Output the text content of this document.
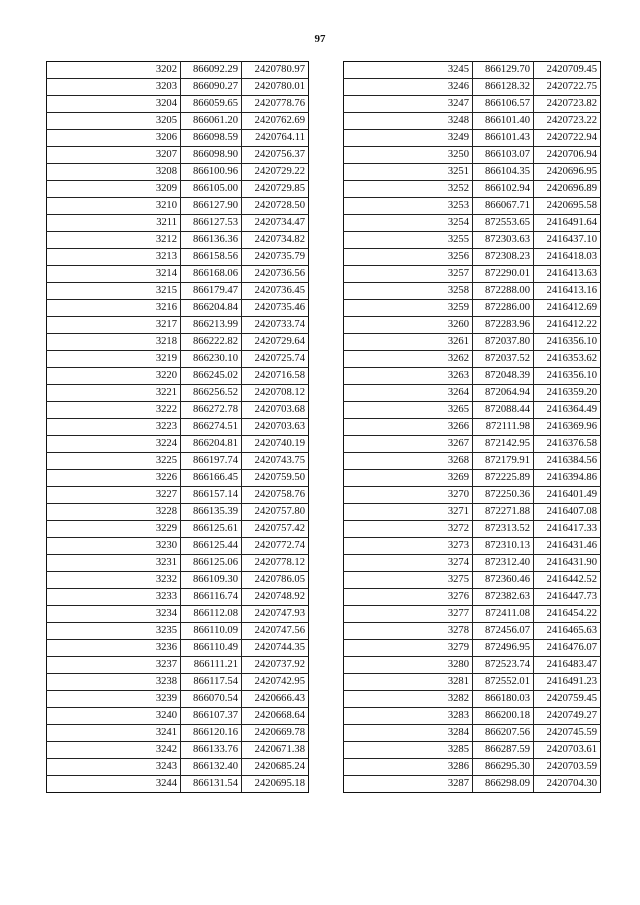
97
3202	866092.29	2420780.97
3203	866090.27	2420780.01
3204	866059.65	2420778.76
3205	866061.20	2420762.69
3206	866098.59	2420764.11
3207	866098.90	2420756.37
3208	866100.96	2420729.22
3209	866105.00	2420729.85
3210	866127.90	2420728.50
3211	866127.53	2420734.47
3212	866136.36	2420734.82
3213	866158.56	2420735.79
3214	866168.06	2420736.56
3215	866179.47	2420736.45
3216	866204.84	2420735.46
3217	866213.99	2420733.74
3218	866222.82	2420729.64
3219	866230.10	2420725.74
3220	866245.02	2420716.58
3221	866256.52	2420708.12
3222	866272.78	2420703.68
3223	866274.51	2420703.63
3224	866204.81	2420740.19
3225	866197.74	2420743.75
3226	866166.45	2420759.50
3227	866157.14	2420758.76
3228	866135.39	2420757.80
3229	866125.61	2420757.42
3230	866125.44	2420772.74
3231	866125.06	2420778.12
3232	866109.30	2420786.05
3233	866116.74	2420748.92
3234	866112.08	2420747.93
3235	866110.09	2420747.56
3236	866110.49	2420744.35
3237	866111.21	2420737.92
3238	866117.54	2420742.95
3239	866070.54	2420666.43
3240	866107.37	2420668.64
3241	866120.16	2420669.78
3242	866133.76	2420671.38
3243	866132.40	2420685.24
3244	866131.54	2420695.18
3245	866129.70	2420709.45
3246	866128.32	2420722.75
3247	866106.57	2420723.82
3248	866101.40	2420723.22
3249	866101.43	2420722.94
3250	866103.07	2420706.94
3251	866104.35	2420696.95
3252	866102.94	2420696.89
3253	866067.71	2420695.58
3254	872553.65	2416491.64
3255	872303.63	2416437.10
3256	872308.23	2416418.03
3257	872290.01	2416413.63
3258	872288.00	2416413.16
3259	872286.00	2416412.69
3260	872283.96	2416412.22
3261	872037.80	2416356.10
3262	872037.52	2416353.62
3263	872048.39	2416356.10
3264	872064.94	2416359.20
3265	872088.44	2416364.49
3266	872111.98	2416369.96
3267	872142.95	2416376.58
3268	872179.91	2416384.56
3269	872225.89	2416394.86
3270	872250.36	2416401.49
3271	872271.88	2416407.08
3272	872313.52	2416417.33
3273	872310.13	2416431.46
3274	872312.40	2416431.90
3275	872360.46	2416442.52
3276	872382.63	2416447.73
3277	872411.08	2416454.22
3278	872456.07	2416465.63
3279	872496.95	2416476.07
3280	872523.74	2416483.47
3281	872552.01	2416491.23
3282	866180.03	2420759.45
3283	866200.18	2420749.27
3284	866207.56	2420745.59
3285	866287.59	2420703.61
3286	866295.30	2420703.59
3287	866298.09	2420704.30
